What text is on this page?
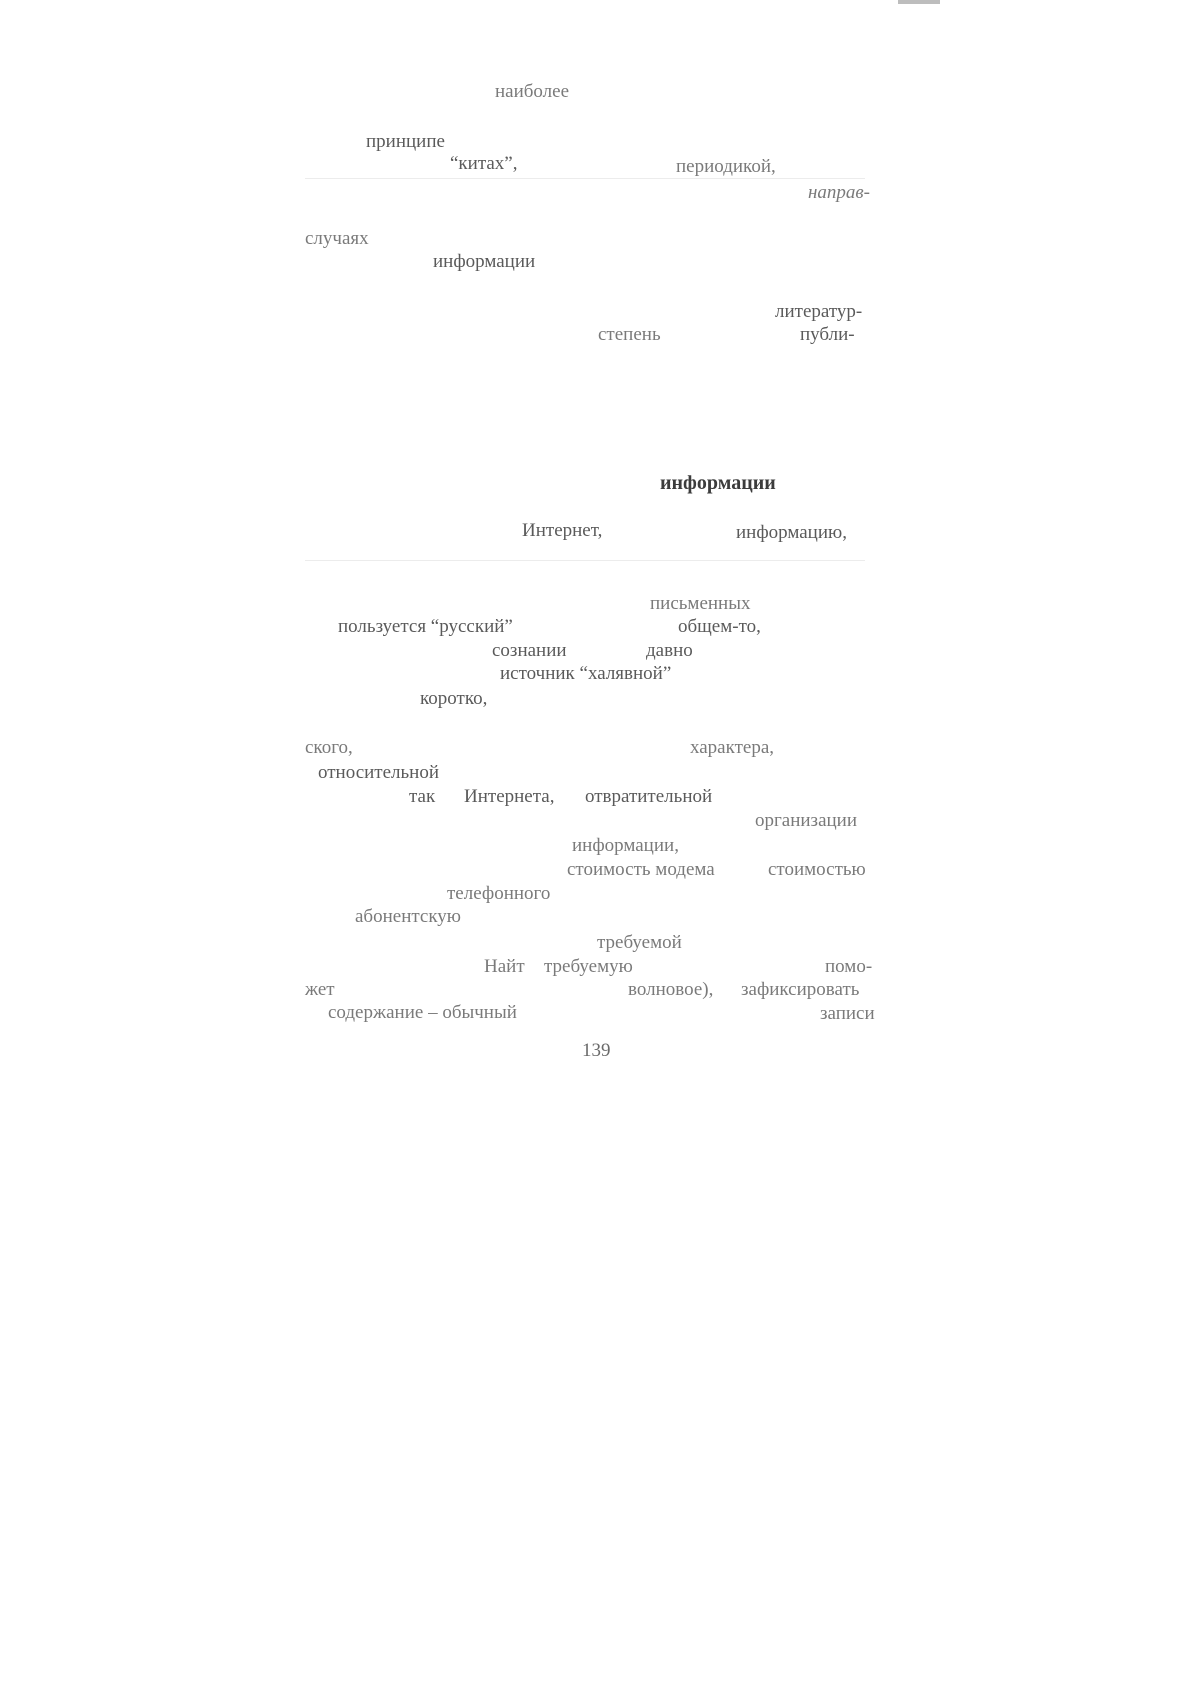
наиболее
принципе
“китах”,	периодикой,
направ-
случаях
информации
литератур-
степень	публи-
информации
Интернет,	информацию,
письменных
пользуется “русский”	общем-то,
сознании	давно
источник “халявной”
коротко,
ского,	характера,
относительной
так Интернета, отвратительной
организации
информации,
стоимость модема	стоимостью
телефонного
абонентскую
требуемой
Найт требуемую	помо-
жет	волновое), зафиксировать
содержание – обычный	записи
139
